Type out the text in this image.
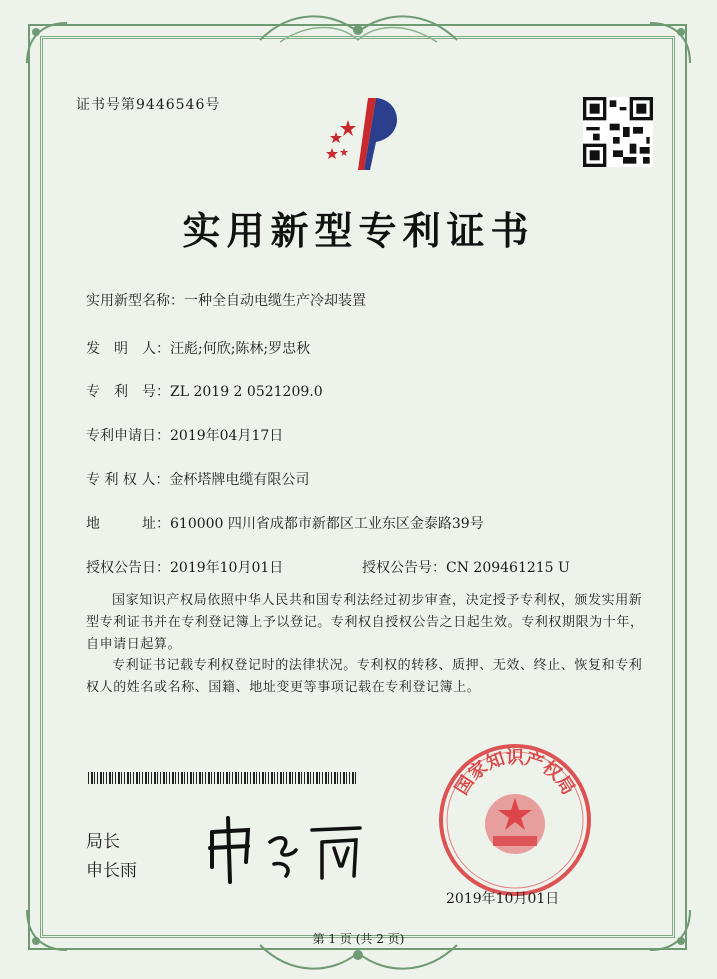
证书号第9446546号
实用新型专利证书
实用新型名称：一种全自动电缆生产冷却装置
发　明　人：汪彪;何欣;陈林;罗忠秋
专　利　号：ZL 2019 2 0521209.0
专利申请日：2019年04月17日
专 利 权 人：金杯塔牌电缆有限公司
地　　　址：610000 四川省成都市新都区工业东区金泰路39号
授权公告日：2019年10月01日	授权公告号：CN 209461215 U
国家知识产权局依照中华人民共和国专利法经过初步审查，决定授予专利权，颁发实用新型专利证书并在专利登记簿上予以登记。专利权自授权公告之日起生效。专利权期限为十年，自申请日起算。
专利证书记载专利权登记时的法律状况。专利权的转移、质押、无效、终止、恢复和专利权人的姓名或名称、国籍、地址变更等事项记载在专利登记簿上。
局长
申长雨
国家知识产权局
2019年10月01日
第 1 页 (共 2 页)
